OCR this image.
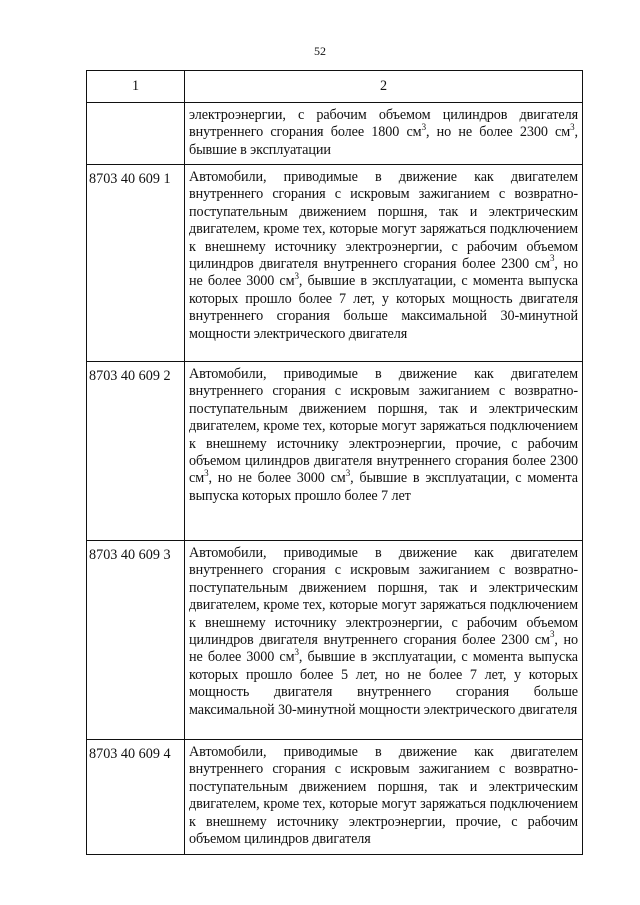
52
1	2
	электроэнергии, с рабочим объемом цилиндров двигателя внутреннего сгорания более 1800 $см^3$, но не более 2300 $см^3$, бывшие в эксплуатации
8703 40 609 1	Автомобили, приводимые в движение как двигателем внутреннего сгорания с искровым зажиганием с возвратно-поступательным движением поршня, так и электрическим двигателем, кроме тех, которые могут заряжаться подключением к внешнему источнику электроэнергии, с рабочим объемом цилиндров двигателя внутреннего сгорания более 2300 $см^3$, но не более 3000 $см^3$, бывшие в эксплуатации, с момента выпуска которых прошло более 7 лет, у которых мощность двигателя внутреннего сгорания больше максимальной 30-минутной мощности электрического двигателя
8703 40 609 2	Автомобили, приводимые в движение как двигателем внутреннего сгорания с искровым зажиганием с возвратно-поступательным движением поршня, так и электрическим двигателем, кроме тех, которые могут заряжаться подключением к внешнему источнику электроэнергии, прочие, с рабочим объемом цилиндров двигателя внутреннего сгорания более 2300 $см^3$, но не более 3000 $см^3$, бывшие в эксплуатации, с момента выпуска которых прошло более 7 лет
8703 40 609 3	Автомобили, приводимые в движение как двигателем внутреннего сгорания с искровым зажиганием с возвратно-поступательным движением поршня, так и электрическим двигателем, кроме тех, которые могут заряжаться подключением к внешнему источнику электроэнергии, с рабочим объемом цилиндров двигателя внутреннего сгорания более 2300 $см^3$, но не более 3000 $см^3$, бывшие в эксплуатации, с момента выпуска которых прошло более 5 лет, но не более 7 лет, у которых мощность двигателя внутреннего сгорания больше максимальной 30-минутной мощности электрического двигателя
8703 40 609 4	Автомобили, приводимые в движение как двигателем внутреннего сгорания с искровым зажиганием с возвратно-поступательным движением поршня, так и электрическим двигателем, кроме тех, которые могут заряжаться подключением к внешнему источнику электроэнергии, прочие, с рабочим объемом цилиндров двигателя
